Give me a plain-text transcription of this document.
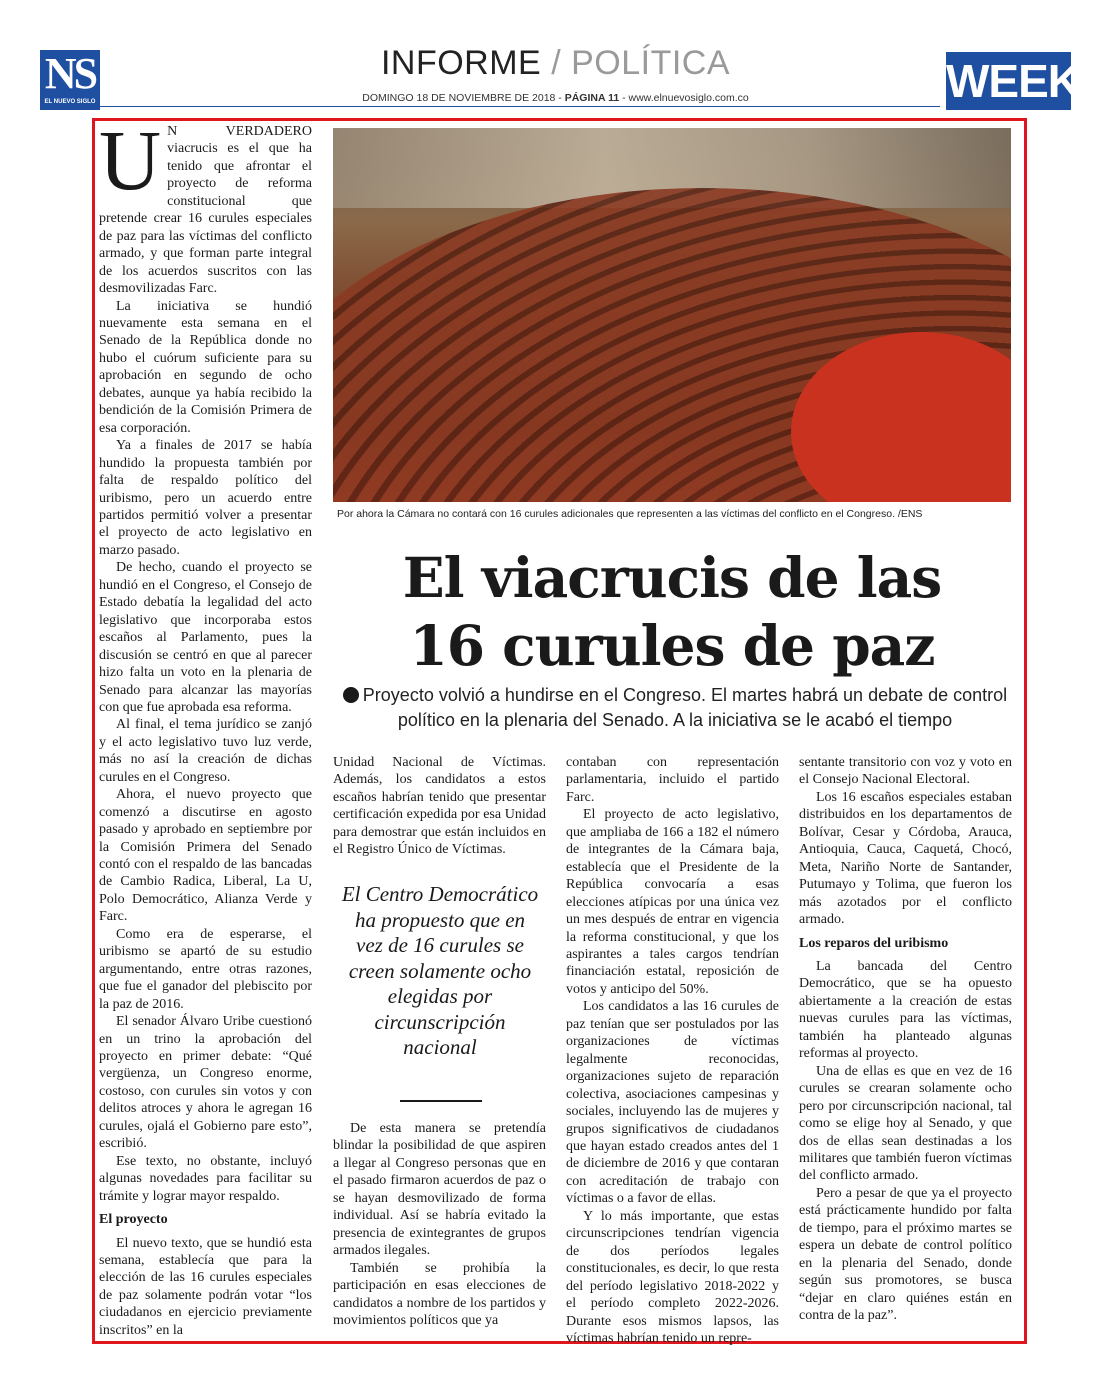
NS
EL NUEVO SIGLO
INFORME / POLÍTICA
DOMINGO 18 DE NOVIEMBRE DE 2018 - PÁGINA 11 - www.elnuevosiglo.com.co	WEEK
Por ahora la Cámara no contará con 16 curules adicionales que representen a las víctimas del conflicto en el Congreso. /ENS
El viacrucis de las
16 curules de paz
Proyecto volvió a hundirse en el Congreso. El martes habrá un debate de control político en la plenaria del Senado. A la iniciativa se le acabó el tiempo

U N VERDADERO viacrucis es el que ha tenido que afrontar el proyecto de reforma constitucional que pretende crear 16 curules especiales de paz para las víctimas del conflicto armado, y que forman parte integral de los acuerdos suscritos con las desmovilizadas Farc.

La iniciativa se hundió nuevamente esta semana en el Senado de la República donde no hubo el cuórum suficiente para su aprobación en segundo de ocho debates, aunque ya había recibido la bendición de la Comisión Primera de esa corporación.

Ya a finales de 2017 se había hundido la propuesta también por falta de respaldo político del uribismo, pero un acuerdo entre partidos permitió volver a presentar el proyecto de acto legislativo en marzo pasado.

De hecho, cuando el proyecto se hundió en el Congreso, el Consejo de Estado debatía la legalidad del acto legislativo que incorporaba estos escaños al Parlamento, pues la discusión se centró en que al parecer hizo falta un voto en la plenaria de Senado para alcanzar las mayorías con que fue aprobada esa reforma.

Al final, el tema jurídico se zanjó y el acto legislativo tuvo luz verde, más no así la creación de dichas curules en el Congreso.

Ahora, el nuevo proyecto que comenzó a discutirse en agosto pasado y aprobado en septiembre por la Comisión Primera del Senado contó con el respaldo de las bancadas de Cambio Radica, Liberal, La U, Polo Democrático, Alianza Verde y Farc.

Como era de esperarse, el uribismo se apartó de su estudio argumentando, entre otras razones, que fue el ganador del plebiscito por la paz de 2016.

El senador Álvaro Uribe cuestionó en un trino la aprobación del proyecto en primer debate: “Qué vergüenza, un Congreso enorme, costoso, con curules sin votos y con delitos atroces y ahora le agregan 16 curules, ojalá el Gobierno pare esto”, escribió.

Ese texto, no obstante, incluyó algunas novedades para facilitar su trámite y lograr mayor respaldo.

El proyecto

El nuevo texto, que se hundió esta semana, establecía que para la elección de las 16 curules especiales de paz solamente podrán votar “los ciudadanos en ejercicio previamente inscritos” en la

Unidad Nacional de Víctimas. Además, los candidatos a estos escaños habrían tenido que presentar certificación expedida por esa Unidad para demostrar que están incluidos en el Registro Único de Víctimas.

El Centro Democrático ha propuesto que en vez de 16 curules se creen solamente ocho elegidas por circunscripción nacional

De esta manera se pretendía blindar la posibilidad de que aspiren a llegar al Congreso personas que en el pasado firmaron acuerdos de paz o se hayan desmovilizado de forma individual. Así se habría evitado la presencia de exintegrantes de grupos armados ilegales.

También se prohibía la participación en esas elecciones de candidatos a nombre de los partidos y movimientos políticos que ya

contaban con representación parlamentaria, incluido el partido Farc.

El proyecto de acto legislativo, que ampliaba de 166 a 182 el número de integrantes de la Cámara baja, establecía que el Presidente de la República convocaría a esas elecciones atípicas por una única vez un mes después de entrar en vigencia la reforma constitucional, y que los aspirantes a tales cargos tendrían financiación estatal, reposición de votos y anticipo del 50%.

Los candidatos a las 16 curules de paz tenían que ser postulados por las organizaciones de víctimas legalmente reconocidas, organizaciones sujeto de reparación colectiva, asociaciones campesinas y sociales, incluyendo las de mujeres y grupos significativos de ciudadanos que hayan estado creados antes del 1 de diciembre de 2016 y que contaran con acreditación de trabajo con víctimas o a favor de ellas.

Y lo más importante, que estas circunscripciones tendrían vigencia de dos períodos legales constitucionales, es decir, lo que resta del período legislativo 2018-2022 y el período completo 2022-2026. Durante esos mismos lapsos, las víctimas habrían tenido un repre-

sentante transitorio con voz y voto en el Consejo Nacional Electoral.

Los 16 escaños especiales estaban distribuidos en los departamentos de Bolívar, Cesar y Córdoba, Arauca, Antioquia, Cauca, Caquetá, Chocó, Meta, Nariño Norte de Santander, Putumayo y Tolima, que fueron los más azotados por el conflicto armado.

Los reparos del uribismo

La bancada del Centro Democrático, que se ha opuesto abiertamente a la creación de estas nuevas curules para las víctimas, también ha planteado algunas reformas al proyecto.

Una de ellas es que en vez de 16 curules se crearan solamente ocho pero por circunscripción nacional, tal como se elige hoy al Senado, y que dos de ellas sean destinadas a los militares que también fueron víctimas del conflicto armado.

Pero a pesar de que ya el proyecto está prácticamente hundido por falta de tiempo, para el próximo martes se espera un debate de control político en la plenaria del Senado, donde según sus promotores, se busca “dejar en claro quiénes están en contra de la paz”.
